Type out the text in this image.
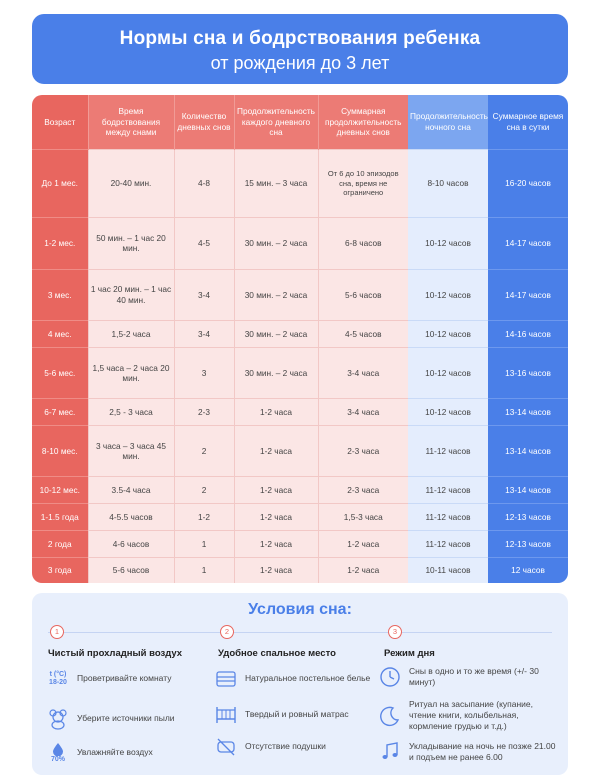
Нормы сна и бодрствования ребенка
от рождения до 3 лет
Возраст	Время бодрствования между снами	Количество дневных снов	Продолжительность каждого дневного сна	Суммарная продолжительность дневных снов	Продолжительность ночного сна	Суммарное время сна в сутки
До 1 мес.	20-40 мин.	4-8	15 мин. – 3 часа	От 6 до 10 эпизодов сна, время не ограничено	8-10 часов	16-20 часов
1-2 мес.	50 мин. – 1 час 20 мин.	4-5	30 мин. – 2 часа	6-8 часов	10-12 часов	14-17 часов
3 мес.	1 час 20 мин. – 1 час 40 мин.	3-4	30 мин. – 2 часа	5-6 часов	10-12 часов	14-17 часов
4 мес.	1,5-2 часа	3-4	30 мин. – 2 часа	4-5 часов	10-12 часов	14-16 часов
5-6 мес.	1,5 часа – 2 часа 20 мин.	3	30 мин. – 2 часа	3-4 часа	10-12 часов	13-16 часов
6-7 мес.	2,5 - 3 часа	2-3	1-2 часа	3-4 часа	10-12 часов	13-14 часов
8-10 мес.	3 часа – 3 часа 45 мин.	2	1-2 часа	2-3 часа	11-12 часов	13-14 часов
10-12 мес.	3.5-4 часа	2	1-2 часа	2-3 часа	11-12 часов	13-14 часов
1-1.5 года	4-5.5 часов	1-2	1-2 часа	1,5-3 часа	11-12 часов	12-13 часов
2 года	4-6 часов	1	1-2 часа	1-2 часа	11-12 часов	12-13 часов
3 года	5-6 часов	1	1-2 часа	1-2 часа	10-11 часов	12 часов
Условия сна:
1
Чистый прохладный воздух
t (°C) 18-20	Проветривайте комнату
Уберите источники пыли
70%
Увлажняйте воздух
2
Удобное спальное место
Натуральное постельное белье
Твердый и ровный матрас
Отсутствие подушки
3
Режим дня
Сны в одно и то же время (+/- 30 минут)
Ритуал на засыпание (купание, чтение книги, колыбельная, кормление грудью и т.д.)
Укладывание на ночь не позже 21.00 и подъем не ранее 6.00
